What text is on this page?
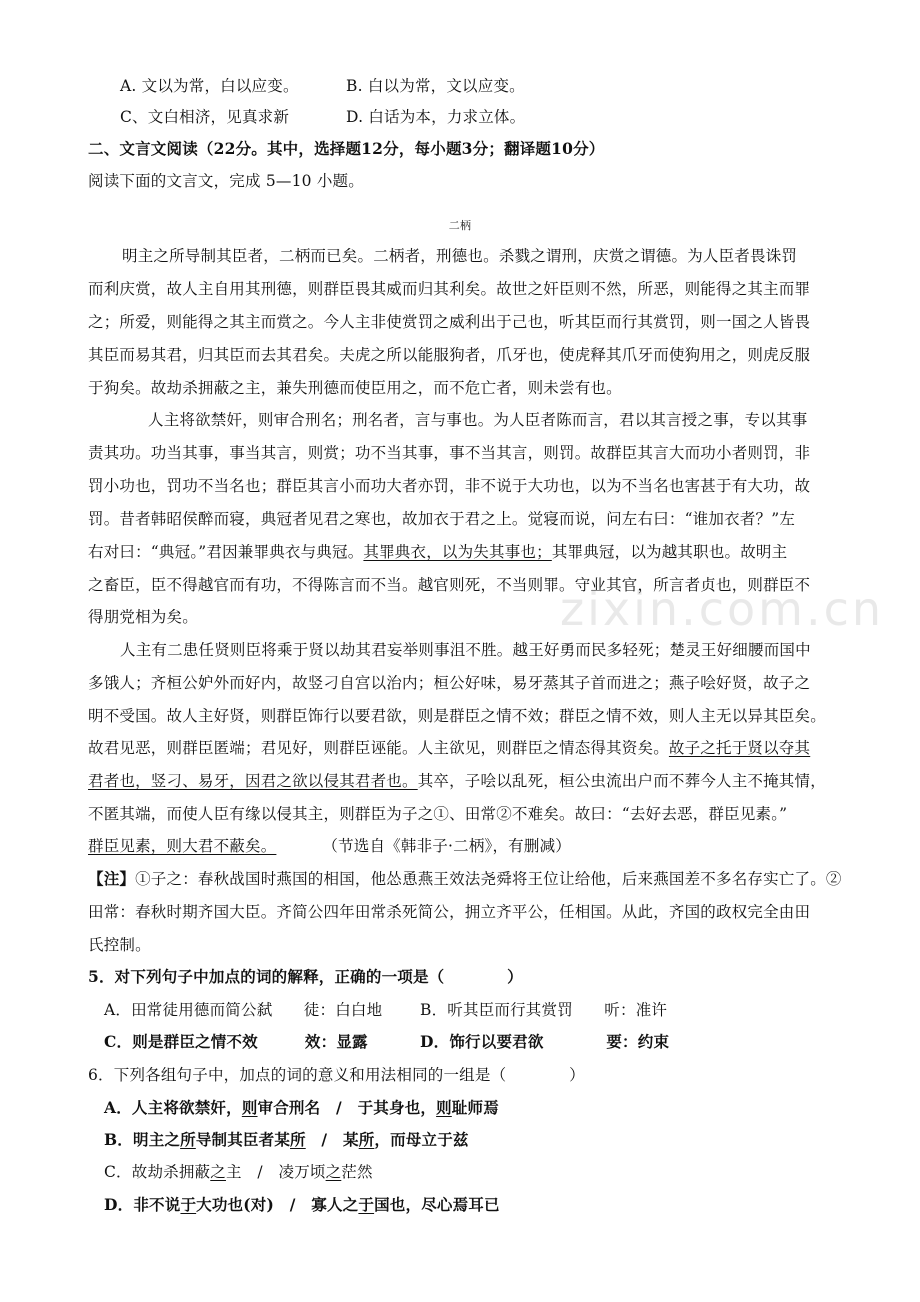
zixin.com.cn
A. 文以为常，白以应变。	B. 白以为常，文以应变。
C、文白相济，见真求新	D. 白话为本，力求立体。
二、文言文阅读（22分。其中，选择题12分，每小题3分；翻译题10分）
阅读下面的文言文，完成 5—10 小题。
二柄
明主之所导制其臣者，二柄而已矣。二柄者，刑德也。杀戮之谓刑，庆赏之谓德。为人臣者畏诛罚
而利庆赏，故人主自用其刑德，则群臣畏其威而归其利矣。故世之奸臣则不然，所恶，则能得之其主而罪
之；所爱，则能得之其主而赏之。今人主非使赏罚之威利出于己也，听其臣而行其赏罚，则一国之人皆畏
其臣而易其君，归其臣而去其君矣。夫虎之所以能服狗者，爪牙也，使虎释其爪牙而使狗用之，则虎反服
于狗矣。故劫杀拥蔽之主，兼失刑德而使臣用之，而不危亡者，则未尝有也。
人主将欲禁奸，则审合刑名；刑名者，言与事也。为人臣者陈而言，君以其言授之事，专以其事
责其功。功当其事，事当其言，则赏；功不当其事，事不当其言，则罚。故群臣其言大而功小者则罚，非
罚小功也，罚功不当名也；群臣其言小而功大者亦罚，非不说于大功也，以为不当名也害甚于有大功，故
罚。昔者韩昭侯醉而寝，典冠者见君之寒也，故加衣于君之上。觉寝而说，问左右曰：“谁加衣者？”左
右对曰：“典冠。”君因兼罪典衣与典冠。其罪典衣，以为失其事也；其罪典冠，以为越其职也。故明主
之畜臣，臣不得越官而有功，不得陈言而不当。越官则死，不当则罪。守业其官，所言者贞也，则群臣不
得朋党相为矣。
人主有二患任贤则臣将乘于贤以劫其君妄举则事沮不胜。越王好勇而民多轻死；楚灵王好细腰而国中
多饿人；齐桓公妒外而好内，故竖刁自宫以治内；桓公好味，易牙蒸其子首而进之；燕子哙好贤，故子之
明不受国。故人主好贤，则群臣饰行以要君欲，则是群臣之情不效；群臣之情不效，则人主无以异其臣矣。
故君见恶，则群臣匿端；君见好，则群臣诬能。人主欲见，则群臣之情态得其资矣。故子之托于贤以夺其
君者也，竖刁、易牙，因君之欲以侵其君者也。其卒，子哙以乱死，桓公虫流出户而不葬今人主不掩其情，
不匿其端，而使人臣有缘以侵其主，则群臣为子之①、田常②不难矣。故曰：“去好去恶，群臣见素。”
群臣见素，则大君不蔽矣。	（节选自《韩非子·二柄》，有删减）
【注】①子之：春秋战国时燕国的相国，他怂恿燕王效法尧舜将王位让给他，后来燕国差不多名存实亡了。②
田常：春秋时期齐国大臣。齐简公四年田常杀死简公，拥立齐平公，任相国。从此，齐国的政权完全由田
氏控制。
5．对下列句子中加点的词的解释，正确的一项是（　　　　）
A．田常徒用德而简公弑　　徒：白白地 B．听其臣而行其赏罚　　听：准许
C．则是群臣之情不效　　　效：显露	D．饰行以要君欲　　　　要：约束
6．下列各组句子中，加点的词的意义和用法相同的一组是（　　　　）
A．人主将欲禁奸，则审合刑名　/　于其身也，则耻师焉
B．明主之所导制其臣者某所　/　某所，而母立于兹
C．故劫杀拥蔽之主　/　凌万顷之茫然
D．非不说于大功也(对)　/　寡人之于国也，尽心焉耳已
